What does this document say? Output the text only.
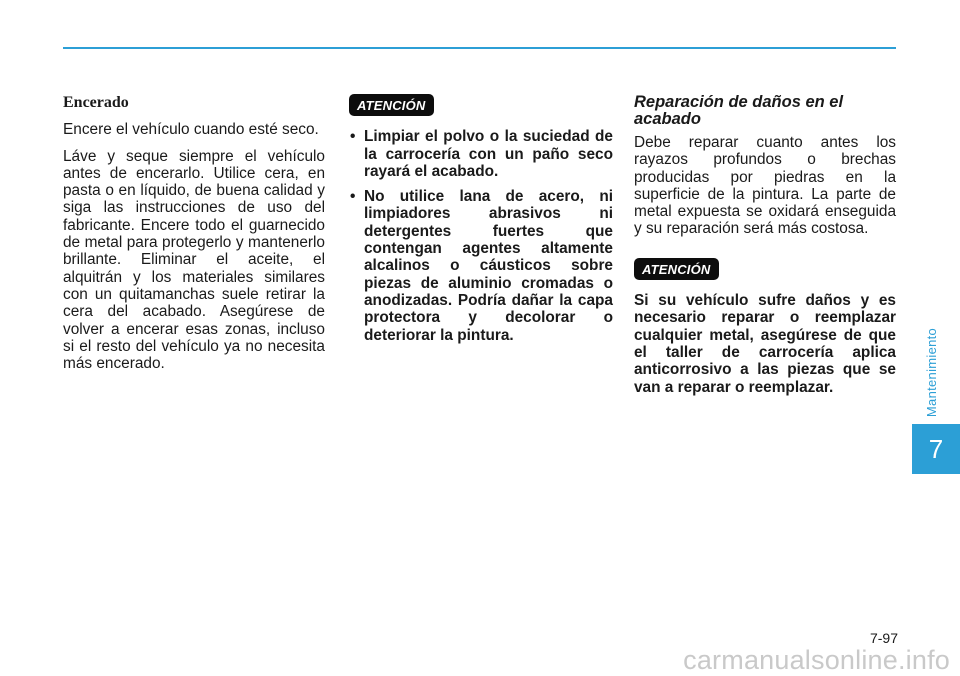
Encerado

Encere el vehículo cuando esté seco.

Láve y seque siempre el vehículo antes de encerarlo. Utilice cera, en pasta o en líquido, de buena calidad y siga las instrucciones de uso del fabricante. Encere todo el guarnecido de metal para protegerlo y mantenerlo brillante. Eliminar el aceite, el alquitrán y los materiales similares con un quitamanchas suele retirar la cera del acabado. Asegúrese de volver a encerar esas zonas, incluso si el resto del vehículo ya no necesita más encerado.

ATENCIÓN
• Limpiar el polvo o la suciedad de la carrocería con un paño seco rayará el acabado.
• No utilice lana de acero, ni limpiadores abrasivos ni detergentes fuertes que contengan agentes altamente alcalinos o cáusticos sobre piezas de aluminio cromadas o anodizadas. Podría dañar la capa protectora y decolorar o deteriorar la pintura.
Reparación de daños en el acabado

Debe reparar cuanto antes los rayazos profundos o brechas producidas por piedras en la superficie de la pintura. La parte de metal expuesta se oxidará enseguida y su reparación será más costosa.

ATENCIÓN

Si su vehículo sufre daños y es necesario reparar o reemplazar cualquier metal, asegúrese de que el taller de carrocería aplica anticorrosivo a las piezas que se van a reparar o reemplazar.	Mantenimiento
7
7-97
carmanualsonline.info
